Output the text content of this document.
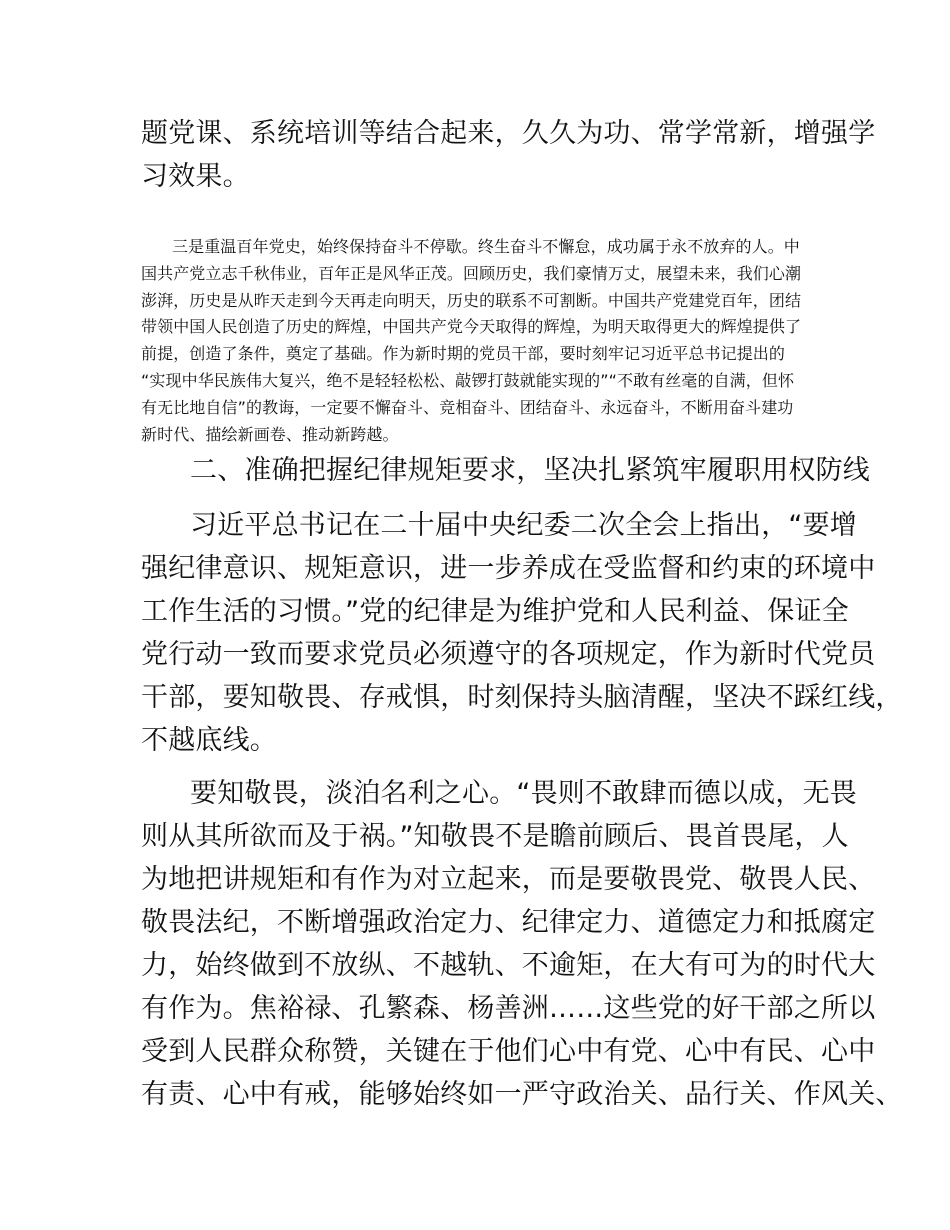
题党课、系统培训等结合起来，久久为功、常学常新，增强学

习效果。

三是重温百年党史，始终保持奋斗不停歇。终生奋斗不懈怠，成功属于永不放弃的人。中

国共产党立志千秋伟业，百年正是风华正茂。回顾历史，我们豪情万丈，展望未来，我们心潮

澎湃，历史是从昨天走到今天再走向明天，历史的联系不可割断。中国共产党建党百年，团结

带领中国人民创造了历史的辉煌，中国共产党今天取得的辉煌，为明天取得更大的辉煌提供了

前提，创造了条件，奠定了基础。作为新时期的党员干部，要时刻牢记习近平总书记提出的

“实现中华民族伟大复兴，绝不是轻轻松松、敲锣打鼓就能实现的”“不敢有丝毫的自满，但怀

有无比地自信”的教诲，一定要不懈奋斗、竞相奋斗、团结奋斗、永远奋斗，不断用奋斗建功

新时代、描绘新画卷、推动新跨越。

二、准确把握纪律规矩要求，坚决扎紧筑牢履职用权防线

习近平总书记在二十届中央纪委二次全会上指出，“要增

强纪律意识、规矩意识，进一步养成在受监督和约束的环境中

工作生活的习惯。”党的纪律是为维护党和人民利益、保证全

党行动一致而要求党员必须遵守的各项规定，作为新时代党员

干部，要知敬畏、存戒惧，时刻保持头脑清醒，坚决不踩红线，

不越底线。

要知敬畏，淡泊名利之心。“畏则不敢肆而德以成，无畏

则从其所欲而及于祸。”知敬畏不是瞻前顾后、畏首畏尾，人

为地把讲规矩和有作为对立起来，而是要敬畏党、敬畏人民、

敬畏法纪，不断增强政治定力、纪律定力、道德定力和抵腐定

力，始终做到不放纵、不越轨、不逾矩，在大有可为的时代大

有作为。焦裕禄、孔繁森、杨善洲……这些党的好干部之所以

受到人民群众称赞，关键在于他们心中有党、心中有民、心中

有责、心中有戒，能够始终如一严守政治关、品行关、作风关、
